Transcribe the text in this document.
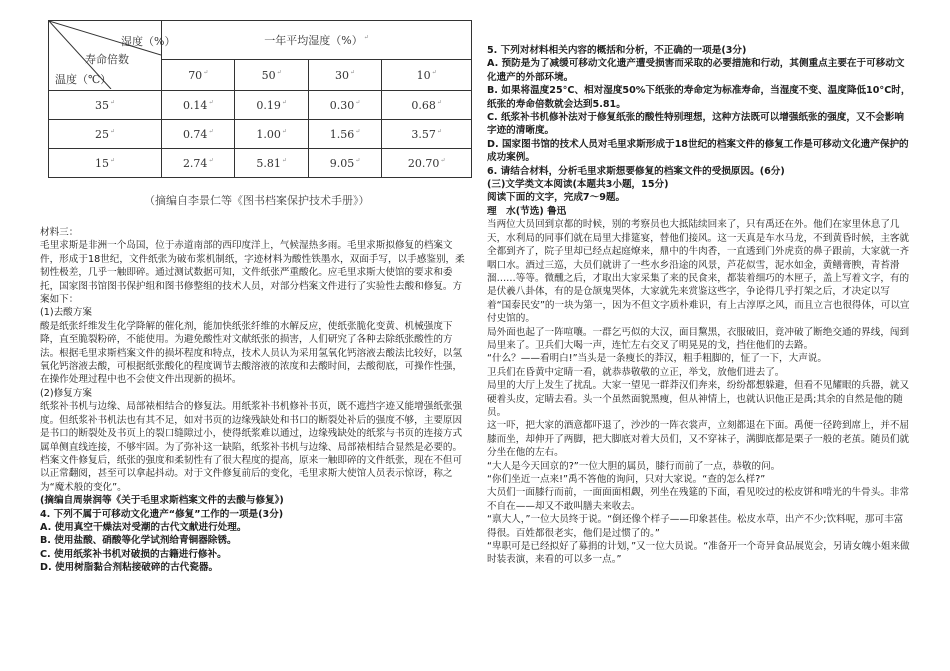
湿度（%）
寿命倍数
温度（℃）	一年平均湿度（%）↵
	70↵	50↵	30↵	10↵
35↵	0.14↵	0.19↵	0.30↵	0.68↵
25↵	0.74↵	1.00↵	1.56↵	3.57↵
15↵	2.74↵	5.81↵	9.05↵	20.70↵
（摘编自李景仁等《图书档案保护技术手册》）

材料三：

毛里求斯是非洲一个岛国，位于赤道南部的西印度洋上，气候湿热多雨。毛里求斯拟修复的档案文件，形成于18世纪，文件纸张为破布浆机制纸，字迹材料为酸性铁墨水，双面手写，以手感鉴别，柔韧性极差，几乎一触即碎。通过测试数据可知，文件纸张严重酸化。应毛里求斯大使馆的要求和委托，国家图书馆图书保护组和图书修整组的技术人员，对部分档案文件进行了实验性去酸和修复。方案如下：

(1)去酸方案

酸是纸张纤维发生化学降解的催化剂，能加快纸张纤维的水解反应，使纸张脆化变黄、机械强度下降，直至脆裂粉碎，不能使用。为避免酸性对文献纸张的损害，人们研究了各种去除纸张酸性的方法。根据毛里求斯档案文件的损坏程度和特点，技术人员认为采用氢氧化钙溶液去酸法比较好，以氢氧化钙溶液去酸，可根据纸张酸化的程度调节去酸溶液的浓度和去酸时间，去酸彻底，可操作性强，在操作处理过程中也不会使文件出现新的损坏。

(2)修复方案

纸浆补书机与边缘、局部裱相结合的修复法。用纸浆补书机修补书页，既不遮挡字迹又能增强纸张强度。但纸浆补书机法也有其不足，如对书页的边缘残缺处和书口的断裂处补后的强度不够，主要原因是书口的断裂处及书页上的裂口缝隙过小，使得纸浆难以通过，边缘残缺处的纸浆与书页的连接方式属单侧直线连接，不够牢固。为了弥补这一缺陷，纸浆补书机与边缘、局部裱相结合显然是必要的。

档案文件修复后，纸张的强度和柔韧性有了很大程度的提高，原来一触即碎的文件纸张，现在不但可以正常翻阅，甚至可以拿起抖动。对于文件修复前后的变化，毛里求斯大使馆人员表示惊讶，称之为“魔术般的变化”。

(摘编自周崇润等《关于毛里求斯档案文件的去酸与修复》)

4. 下列不属于可移动文化遗产“修复”工作的一项是(3分)

A. 使用真空干燥法对受潮的古代文献进行处理。

B. 使用盐酸、硝酸等化学试剂给青铜器除锈。

C. 使用纸浆补书机对破损的古籍进行修补。

D. 使用树脂黏合剂粘接破碎的古代瓷器。

5. 下列对材料相关内容的概括和分析，不正确的一项是(3分)

A. 预防是为了减缓可移动文化遗产遭受损害而采取的必要措施和行动，其侧重点主要在于可移动文化遗产的外部环境。

B. 如果将温度25°C、相对湿度50%下纸张的寿命定为标准寿命，当湿度不变、温度降低10°C时，纸张的寿命倍数就会达到5.81。

C. 纸浆补书机修补法对于修复纸张的酸性特别理想，这种方法既可以增强纸张的强度，又不会影响字迹的清晰度。

D. 国家图书馆的技术人员对毛里求斯形成于18世纪的档案文件的修复工作是可移动文化遗产保护的成功案例。

6. 请结合材料，分析毛里求斯想要修复的档案文件的受损原因。(6分)

(三)文学类文本阅读(本题共3小题，15分)

阅读下面的文字，完成7～9题。

理　水(节选) 鲁迅

当两位大员回到京都的时候，别的考察员也大抵陆续回来了，只有禹还在外。他们在家里休息了几天，水利局的同事们就在局里大排筵宴，替他们接风。这一天真是车水马龙，不到黄昏时候，主客就全都到齐了，院子里却已经点起庭燎来，鼎中的牛肉香，一直透到门外虎贲的鼻子跟前，大家就一齐咽口水。酒过三巡，大员们就讲了一些水乡沿途的风景，芦花似雪，泥水如金，黄鳝膏腴，青苔滑溜……等等。微醺之后，才取出大家采集了来的民食来，都装着细巧的木匣子，盖上写着文字，有的是伏羲八卦体，有的是仓颉鬼哭体，大家就先来赏鉴这些字，争论得几乎打架之后，才决定以写着“国泰民安”的一块为第一，因为不但文字质朴难识，有上古淳厚之风，而且立言也很得体，可以宣付史馆的。

局外面也起了一阵喧嚷。一群乞丐似的大汉，面目黧黑，衣服破旧，竟冲破了断绝交通的界线，闯到局里来了。卫兵们大喝一声，连忙左右交叉了明晃晃的戈，挡住他们的去路。

“什么？——看明白!”当头是一条瘦长的莽汉，粗手粗脚的，怔了一下，大声说。

卫兵们在昏黄中定睛一看，就恭恭敬敬的立正，举戈，放他们进去了。

局里的大厅上发生了扰乱。大家一望见一群莽汉们奔来，纷纷都想躲避，但看不见耀眼的兵器，就又硬着头皮，定睛去看。头一个虽然面貌黑瘦，但从神情上，也就认识他正是禹;其余的自然是他的随员。

这一吓，把大家的酒意都吓退了，沙沙的一阵衣裳声，立刻都退在下面。禹便一径跨到席上，并不屈膝而坐，却伸开了两脚，把大脚底对着大员们，又不穿袜子，满脚底都是栗子一般的老茧。随员们就分坐在他的左右。

“大人是今天回京的?”一位大胆的属员，膝行而前了一点，恭敬的问。

“你们坐近一点来!”禹不答他的询问，只对大家说。“查的怎么样?”

大员们一面膝行而前，一面面面相觑，列坐在残筵的下面，看见咬过的松皮饼和啃光的牛骨头。非常不自在——却又不敢叫膳夫来收去。

“禀大人，”一位大员终于说。“倒还像个样子——印象甚佳。松皮水草，出产不少;饮料呢，那可丰富得很。百姓都很老实，他们是过惯了的。”

“卑职可是已经拟好了募捐的计划，”又一位大员说。“准备开一个奇异食品展览会，另请女魄小姐来做时装表演，来看的可以多一点。”
